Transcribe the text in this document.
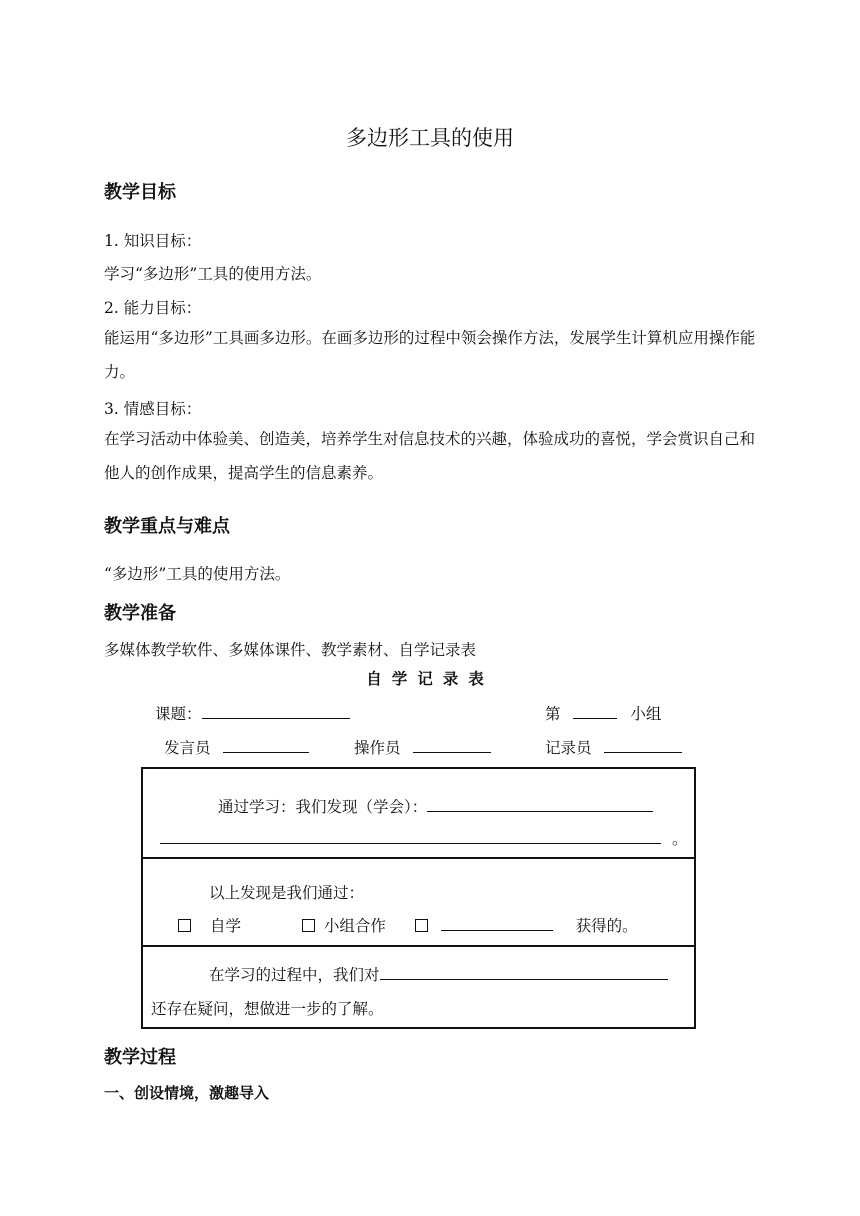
多边形工具的使用
教学目标
1. 知识目标：
学习“多边形”工具的使用方法。
2. 能力目标：
能运用“多边形”工具画多边形。在画多边形的过程中领会操作方法，发展学生计算机应用操作能力。
3. 情感目标：
在学习活动中体验美、创造美，培养学生对信息技术的兴趣，体验成功的喜悦，学会赏识自己和他人的创作成果，提高学生的信息素养。
教学重点与难点
“多边形”工具的使用方法。
教学准备
多媒体教学软件、多媒体课件、教学素材、自学记录表
自学记录表
课题：	第	小组
发言员	操作员	记录员
通过学习：我们发现（学会）：
。
以上发现是我们通过：
自学	小组合作	获得的。
在学习的过程中，我们对
还存在疑问，想做进一步的了解。
教学过程
一、创设情境，激趣导入
